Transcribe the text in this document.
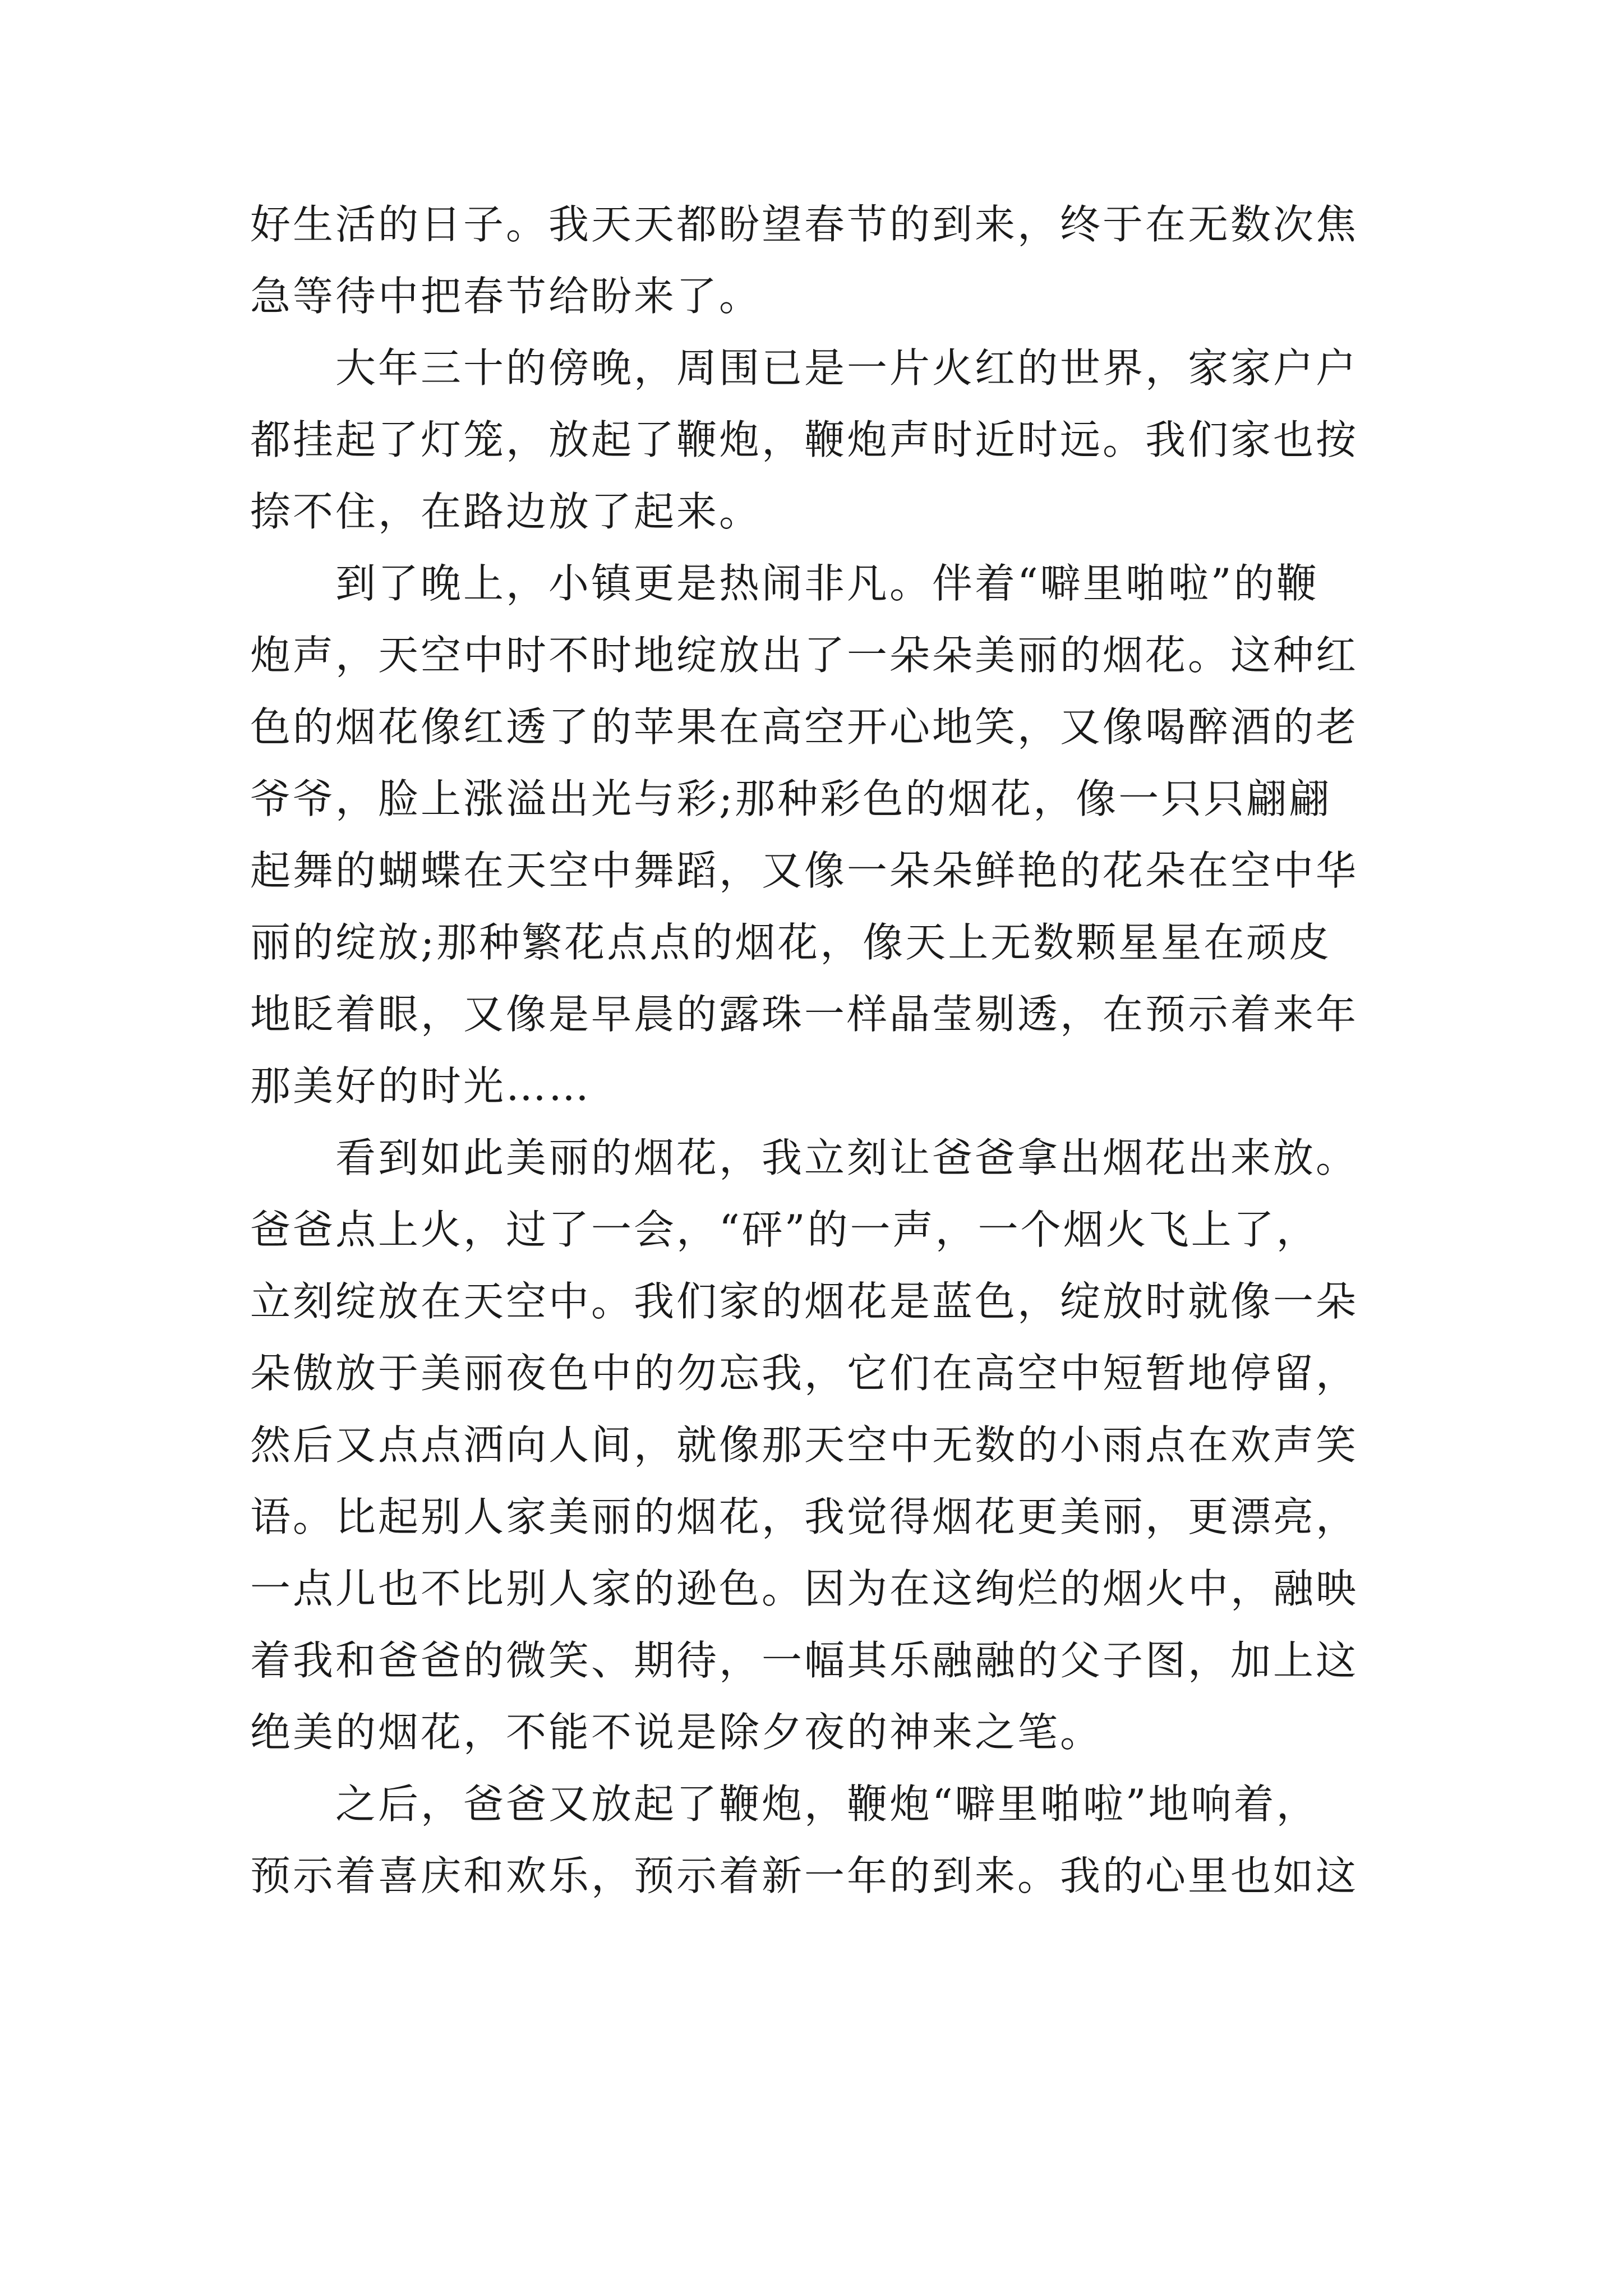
好生活的日子。我天天都盼望春节的到来，终于在无数次焦
急等待中把春节给盼来了。

　　大年三十的傍晚，周围已是一片火红的世界，家家户户
都挂起了灯笼，放起了鞭炮，鞭炮声时近时远。我们家也按
捺不住，在路边放了起来。

　　到了晚上，小镇更是热闹非凡。伴着“噼里啪啦”的鞭
炮声，天空中时不时地绽放出了一朵朵美丽的烟花。这种红
色的烟花像红透了的苹果在高空开心地笑，又像喝醉酒的老
爷爷，脸上涨溢出光与彩;那种彩色的烟花，像一只只翩翩
起舞的蝴蝶在天空中舞蹈，又像一朵朵鲜艳的花朵在空中华
丽的绽放;那种繁花点点的烟花，像天上无数颗星星在顽皮
地眨着眼，又像是早晨的露珠一样晶莹剔透，在预示着来年
那美好的时光……

　　看到如此美丽的烟花，我立刻让爸爸拿出烟花出来放。
爸爸点上火，过了一会，“砰”的一声，一个烟火飞上了，
立刻绽放在天空中。我们家的烟花是蓝色，绽放时就像一朵
朵傲放于美丽夜色中的勿忘我，它们在高空中短暂地停留，
然后又点点洒向人间，就像那天空中无数的小雨点在欢声笑
语。比起别人家美丽的烟花，我觉得烟花更美丽，更漂亮，
一点儿也不比别人家的逊色。因为在这绚烂的烟火中，融映
着我和爸爸的微笑、期待，一幅其乐融融的父子图，加上这
绝美的烟花，不能不说是除夕夜的神来之笔。

　　之后，爸爸又放起了鞭炮，鞭炮“噼里啪啦”地响着，
预示着喜庆和欢乐，预示着新一年的到来。我的心里也如这
